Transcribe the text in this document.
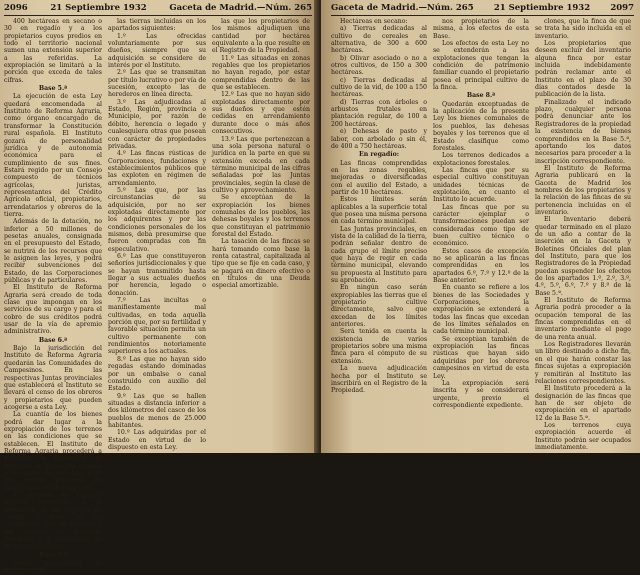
2096	21 Septiembre 1932	Gaceta de Madrid.—Núm. 265

400 hectáreas en secano o 30 en regadío y a los propietarios cuyos predios en todo el territorio nacional sumen una extensión superior a las referidas. La expropiación se limitará a la porción que exceda de tales cifras.

Base 5.ª

La ejecución de esta Ley quedará encomendada al Instituto de Reforma Agraria, como órgano encargado de transformar la Constitución rural española. El Instituto gozará de personalidad jurídica y de autonomía económica para el cumplimiento de sus fines. Estará regido por un Consejo compuesto de técnicos agrícolas, juristas, representantes del Crédito Agrícola oficial, propietarios, arrendatarios y obreros de la tierra.

Además de la dotación, no inferior a 50 millones de pesetas anuales, consignada en el presupuesto del Estado, se nutrirá de los recursos que le asignen las leyes, y podrá recibir subvenciones del Estado, de las Corporaciones públicas y de particulares.

El Instituto de Reforma Agraria será creado de toda clase que impongan en los servicios de su cargo y para el cobro de sus créditos podrá usar de la vía de apremio administrativo.

Base 6.ª

Bajo la jurisdicción del Instituto de Reforma Agraria quedarán las Comunidades de Campesinos. En las respectivas Juntas provinciales que establecerá el Instituto se llevará el censo de los obreros y propietarios que pueden acogerse a esta Ley.

La cuantía de los bienes podrá dar lugar a la expropiación de los terrenos en las condiciones que se establecen. El Instituto de Reforma Agraria procederá a preparar la formación de registros de fincas con arreglo a las bases de esta Ley, para que puedan prestarse los servicios de crédito agrícola.

El Instituto de Reforma Agraria procederá a la formación de un registro de crédito a favor de los campesinos que se asienten y del agrícola del Instituto, destinado a la adquisición de la tierra de cultivo.

Base 7.ª

Serán susceptibles de expropiación

las tierras incluidas en los apartados siguientes:

1.º Las ofrecidas voluntariamente por sus dueños, siempre que su adquisición se considere de interés por el Instituto.

2.º Las que se transmitan por título lucrativo o por vía de sucesión, excepto las de herederos en línea directa.

3.º Las adjudicadas al Estado, Región, provincia o Municipio, por razón de débito, herencia o legado y cualesquiera otras que posean con carácter de propiedades privadas.

4.º Las fincas rústicas de Corporaciones, fundaciones y establecimientos públicos que las exploten en régimen de arrendamiento.

5.º Las que, por las circunstancias de su adquisición, por no ser explotadas directamente por los adquirentes y por las condiciones personales de los mismos, deba presumirse que fueron compradas con fin especulativo.

6.º Las que constituyeron señoríos jurisdiccionales y que se hayan transmitido hasta llegar a sus actuales dueños por herencia, legado o donación.

7.º Las incultas o manifiestamente mal cultivadas, en toda aquella porción que, por su fertilidad y favorable situación permita un cultivo permanente con rendimientos notoriamente superiores a los actuales.

8.º Las que no hayan sido regadas estando dominadas por un embalse o canal construido con auxilio del Estado.

9.º Las que se hallen situadas a distancia inferior a dos kilómetros del casco de los pueblos de menos de 25.000 habitantes.

10.º Las adquiridas por el Estado en virtud de lo dispuesto en esta Ley.

las que los propietarios de los mismos adjudiquen una cantidad por hectárea equivalente a la que resulte en el Registro de la Propiedad.

11.º Las situadas en zonas regables que los propietarios no hayan regado, por estar comprendidas dentro de las que se establecen.

12.º Las que no hayan sido explotadas directamente por sus dueños y que estén cedidas en arrendamiento durante doce o más años consecutivos.

13.º Las que pertenezcan a una sola persona natural o jurídica en la parte en que su extensión exceda en cada término municipal de las cifras señaladas por las Juntas provinciales, según la clase de cultivo y aprovechamiento.

Se exceptúan de la expropiación los bienes comunales de los pueblos, las dehesas boyales y los terrenos que constituyan el patrimonio forestal del Estado.

La tasación de las fincas se hará tomando como base la renta catastral, capitalizada al tipo que se fije en cada caso, y se pagará en dinero efectivo o en títulos de una Deuda especial amortizable.

Gaceta de Madrid.—Núm. 265 21 Septiembre 1932 2097

Hectáreas en secano:

a) Tierras dedicadas al cultivo de cereales en alternativa, de 300 a 600 hectáreas.

b) Olivar asociado o no a otros cultivos, de 150 a 300 hectáreas.

c) Tierras dedicadas al cultivo de la vid, de 100 a 150 hectáreas.

d) Tierras con árboles o arbustos frutales en plantación regular, de 100 a 200 hectáreas.

e) Dehesas de pasto y labor, con arbolado o sin él, de 400 a 750 hectáreas.

En regadío:

Las fincas comprendidas en las zonas regables, mejoradas o diversificadas con el auxilio del Estado, a partir de 10 hectáreas.

Estos límites serán aplicables a la superficie total que posea una misma persona en cada término municipal.

Las Juntas provinciales, en vista de la calidad de la tierra, podrán señalar dentro de cada grupo el límite preciso que haya de regir en cada término municipal, elevando su propuesta al Instituto para su aprobación.

En ningún caso serán expropiables las tierras que el propietario cultive directamente, salvo que excedan de los límites anteriores.

Será tenida en cuenta la existencia de varios propietarios sobre una misma finca para el cómputo de su extensión.

La nueva adjudicación hecha por el Instituto se inscribirá en el Registro de la Propiedad.

nos propietarios de la misma, a los efectos de esta Base.

Los efectos de esta Ley no se extenderán a las explotaciones que tengan la condición de patrimonio familiar cuando el propietario posea el principal cultivo de la finca.

Base 8.ª

Quedarán exceptuadas de la aplicación de la presente Ley los bienes comunales de los pueblos, las dehesas boyales y los terrenos que el Estado clasifique como forestales.

Los terrenos dedicados a explotaciones forestales.

Las fincas que por su especial cultivo constituyan unidades técnicas de explotación, en cuanto el Instituto lo acuerde.

Las fincas que por su carácter ejemplar o transformaciones puedan ser consideradas como tipo de buen cultivo técnico o económico.

Estos casos de excepción no se aplicarán a las fincas comprendidas en los apartados 6.º, 7.º y 12.º de la Base anterior.

En cuanto se refiere a los bienes de las Sociedades y Corporaciones, la expropiación se extenderá a todas las fincas que excedan de los límites señalados en cada término municipal.

Se exceptúan también de expropiación las fincas rústicas que hayan sido adquiridas por los obreros campesinos en virtud de esta Ley.

La expropiación será inscrita y se considerará urgente, previo el correspondiente expediente.

clones, que la finca de que se trata ha sido incluida en el inventario.

Los propietarios que deseen excluir del inventario alguna finca por estar incluida indebidamente podrán reclamar ante el Instituto en el plazo de 30 días contados desde la publicación de la lista.

Finalizado el indicado plazo, cualquier persona podrá denunciar ante los Registradores de la propiedad la existencia de bienes comprendidos en la Base 5.ª, aportando los datos necesarios para proceder a la inscripción correspondiente.

El Instituto de Reforma Agraria publicará en la Gaceta de Madrid los nombres de los propietarios y la relación de las fincas de su pertenencia incluidas en el inventario.

El Inventario deberá quedar terminado en el plazo de un año a contar de la inserción en la Gaceta y Boletines Oficiales del plan del Instituto, para que los Registradores de la Propiedad puedan suspender los efectos de los apartados 1.º, 2.º, 3.º, 4.º, 5.º, 6.º, 7.º y 8.º de la Base 5.ª.

El Instituto de Reforma Agraria podrá proceder a la ocupación temporal de las fincas comprendidas en el inventario mediante el pago de una renta anual.

Los Registradores llevarán un libro destinado a dicho fin, en el que harán constar las fincas sujetas a expropiación y remitirán al Instituto las relaciones correspondientes.

El Instituto procederá a la designación de las fincas que han de ser objeto de expropiación en el apartado 12 de la Base 5.ª.

Los terrenos cuya expropiación acuerde el Instituto podrán ser ocupados inmediatamente.
